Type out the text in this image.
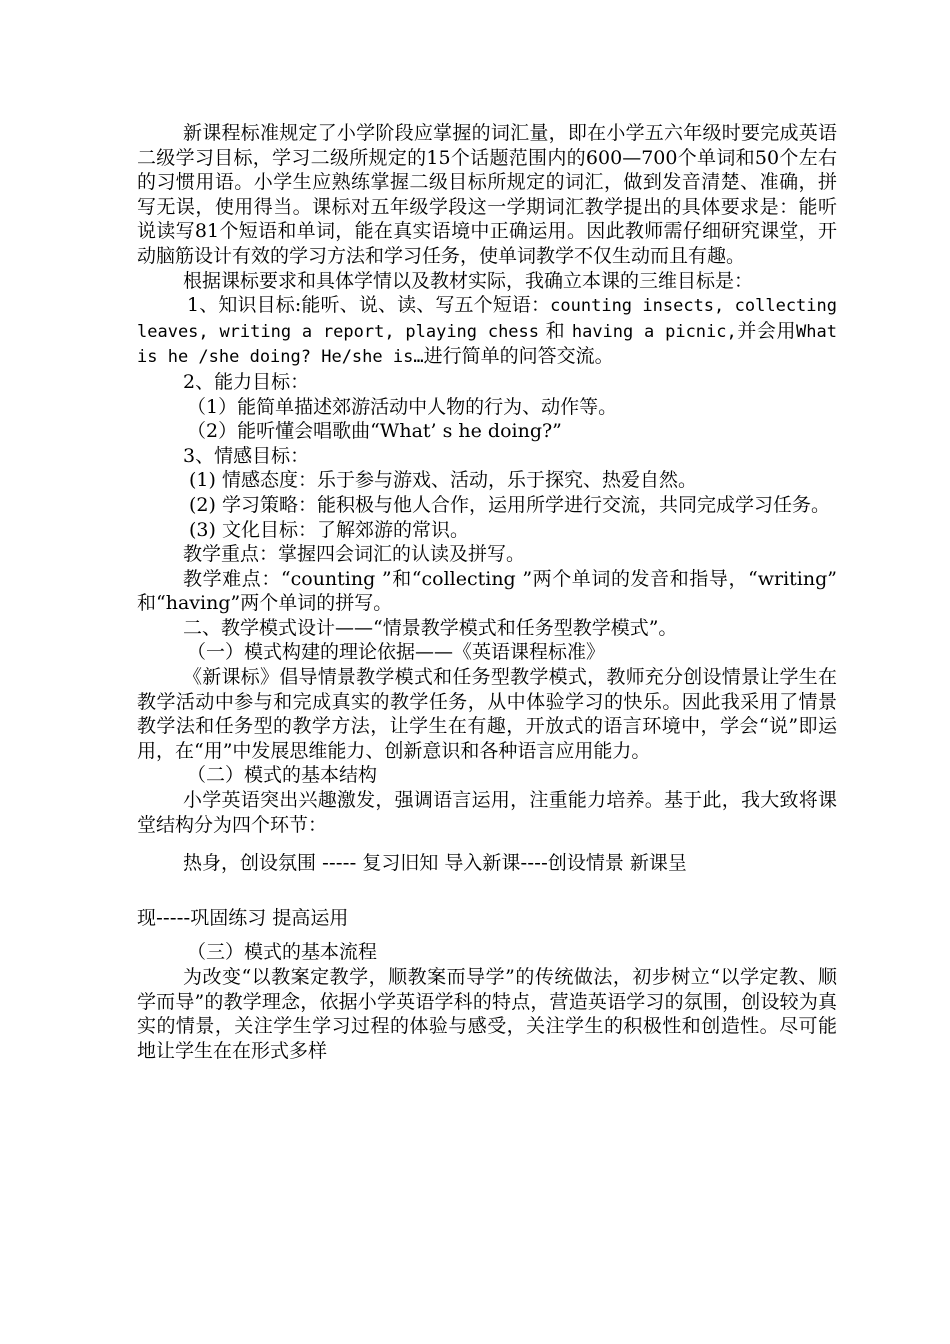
新课程标准规定了小学阶段应掌握的词汇量，即在小学五六年级时要完成英语二级学习目标，学习二级所规定的15个话题范围内的600—700个单词和50个左右的习惯用语。小学生应熟练掌握二级目标所规定的词汇，做到发音清楚、准确，拼写无误，使用得当。课标对五年级学段这一学期词汇教学提出的具体要求是：能听说读写81个短语和单词，能在真实语境中正确运用。因此教师需仔细研究课堂，开动脑筋设计有效的学习方法和学习任务，使单词教学不仅生动而且有趣。

根据课标要求和具体学情以及教材实际，我确立本课的三维目标是：

1、知识目标:能听、说、读、写五个短语：counting insects, collecting leaves, writing a report, playing chess 和 having a picnic,并会用What is he /she doing? He/she is…进行简单的问答交流。

2、能力目标：

（1）能简单描述郊游活动中人物的行为、动作等。

（2）能听懂会唱歌曲“What’ s he doing?”

3、情感目标：

(1) 情感态度：乐于参与游戏、活动，乐于探究、热爱自然。

(2) 学习策略：能积极与他人合作，运用所学进行交流，共同完成学习任务。

(3) 文化目标：了解郊游的常识。

教学重点：掌握四会词汇的认读及拼写。

教学难点：“counting ”和“collecting ”两个单词的发音和指导，“writing” 和“having”两个单词的拼写。

二、教学模式设计——“情景教学模式和任务型教学模式”。

（一）模式构建的理论依据——《英语课程标准》

《新课标》倡导情景教学模式和任务型教学模式，教师充分创设情景让学生在教学活动中参与和完成真实的教学任务，从中体验学习的快乐。因此我采用了情景教学法和任务型的教学方法，让学生在有趣，开放式的语言环境中，学会“说”即运用，在“用”中发展思维能力、创新意识和各种语言应用能力。

（二）模式的基本结构

小学英语突出兴趣激发，强调语言运用，注重能力培养。基于此，我大致将课堂结构分为四个环节：

热身，创设氛围 ----- 复习旧知 导入新课----创设情景 新课呈

现-----巩固练习 提高运用

（三）模式的基本流程

为改变“以教案定教学，顺教案而导学”的传统做法，初步树立“以学定教、顺学而导”的教学理念，依据小学英语学科的特点，营造英语学习的氛围，创设较为真实的情景，关注学生学习过程的体验与感受，关注学生的积极性和创造性。尽可能地让学生在在形式多样
